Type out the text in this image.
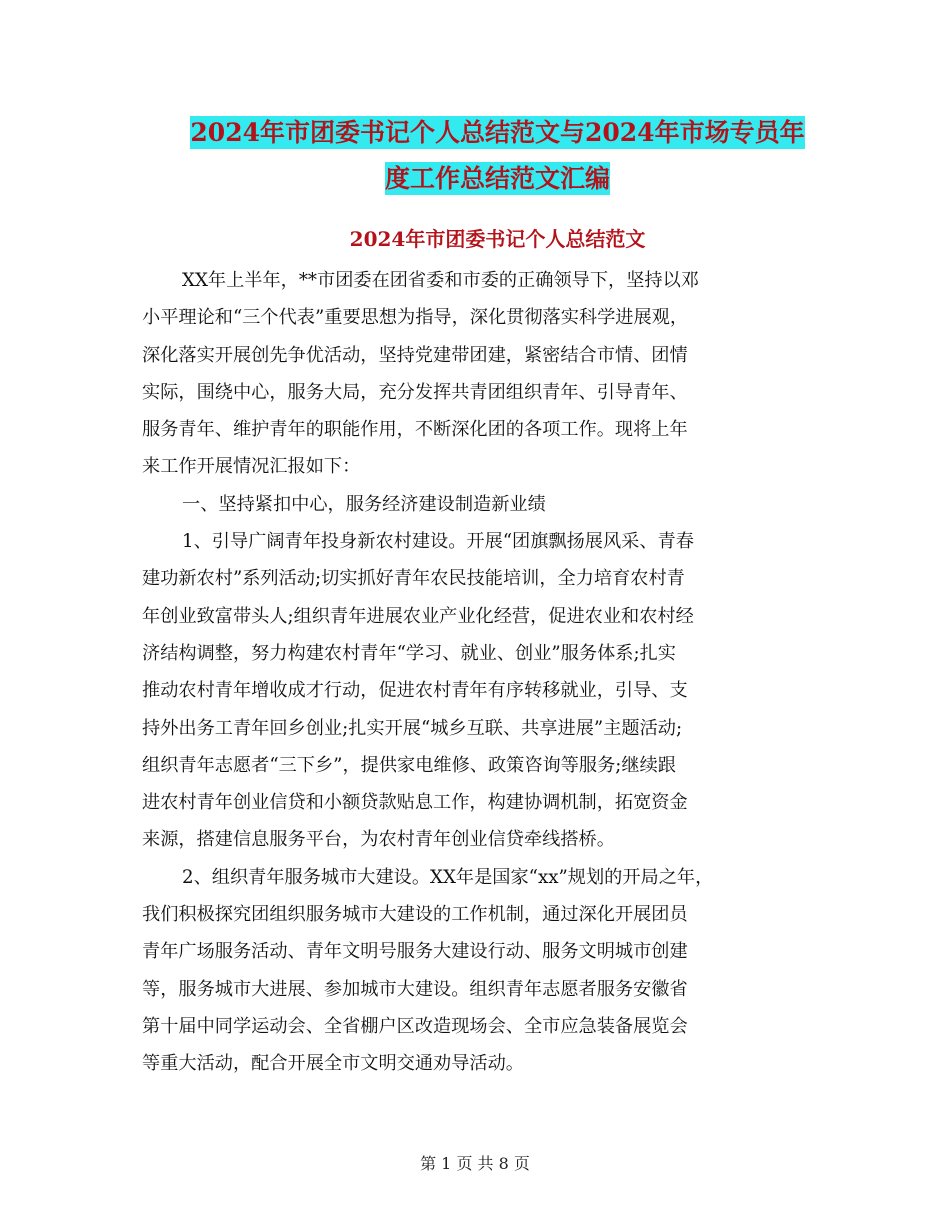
2024年市团委书记个人总结范文与2024年市场专员年
度工作总结范文汇编
2024年市团委书记个人总结范文
XX年上半年，**市团委在团省委和市委的正确领导下，坚持以邓
小平理论和“三个代表”重要思想为指导，深化贯彻落实科学进展观，
深化落实开展创先争优活动，坚持党建带团建，紧密结合市情、团情
实际，围绕中心，服务大局，充分发挥共青团组织青年、引导青年、
服务青年、维护青年的职能作用，不断深化团的各项工作。现将上年
来工作开展情况汇报如下：
一、坚持紧扣中心，服务经济建设制造新业绩
1、引导广阔青年投身新农村建设。开展“团旗飘扬展风采、青春
建功新农村”系列活动;切实抓好青年农民技能培训，全力培育农村青
年创业致富带头人;组织青年进展农业产业化经营，促进农业和农村经
济结构调整，努力构建农村青年“学习、就业、创业”服务体系;扎实
推动农村青年增收成才行动，促进农村青年有序转移就业，引导、支
持外出务工青年回乡创业;扎实开展“城乡互联、共享进展”主题活动;
组织青年志愿者“三下乡”，提供家电维修、政策咨询等服务;继续跟
进农村青年创业信贷和小额贷款贴息工作，构建协调机制，拓宽资金
来源，搭建信息服务平台，为农村青年创业信贷牵线搭桥。
2、组织青年服务城市大建设。XX年是国家“xx”规划的开局之年，
我们积极探究团组织服务城市大建设的工作机制，通过深化开展团员
青年广场服务活动、青年文明号服务大建设行动、服务文明城市创建
等，服务城市大进展、参加城市大建设。组织青年志愿者服务安徽省
第十届中同学运动会、全省棚户区改造现场会、全市应急装备展览会
等重大活动，配合开展全市文明交通劝导活动。
第 1 页 共 8 页
